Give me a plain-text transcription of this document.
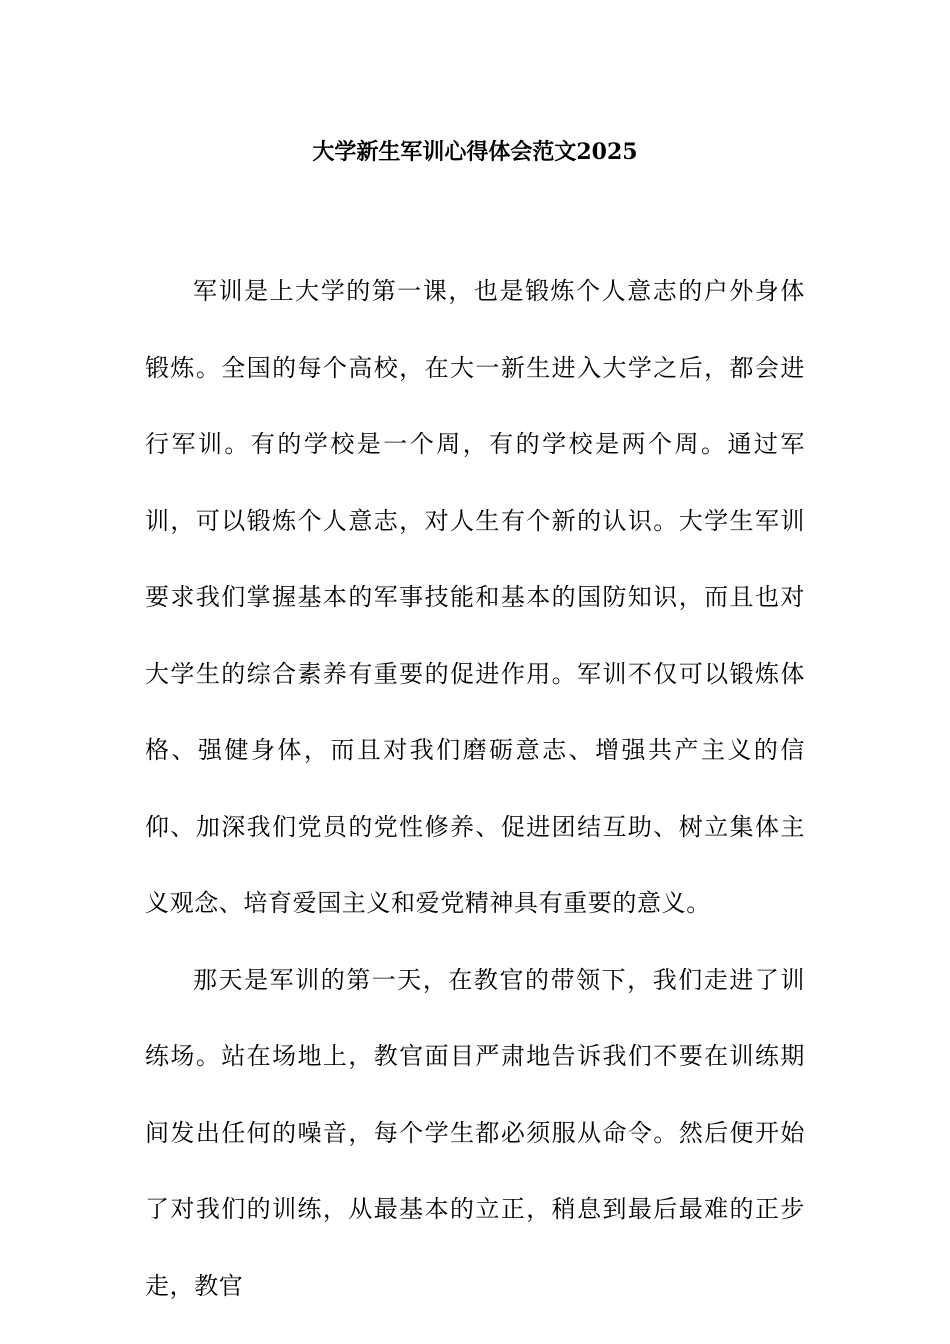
大学新生军训心得体会范文2025

军训是上大学的第一课，也是锻炼个人意志的户外身体锻炼。全国的每个高校，在大一新生进入大学之后，都会进行军训。有的学校是一个周，有的学校是两个周。通过军训，可以锻炼个人意志，对人生有个新的认识。大学生军训要求我们掌握基本的军事技能和基本的国防知识，而且也对大学生的综合素养有重要的促进作用。军训不仅可以锻炼体格、强健身体，而且对我们磨砺意志、增强共产主义的信仰、加深我们党员的党性修养、促进团结互助、树立集体主义观念、培育爱国主义和爱党精神具有重要的意义。

那天是军训的第一天，在教官的带领下，我们走进了训练场。站在场地上，教官面目严肃地告诉我们不要在训练期间发出任何的噪音，每个学生都必须服从命令。然后便开始了对我们的训练，从最基本的立正，稍息到最后最难的正步走，教官
